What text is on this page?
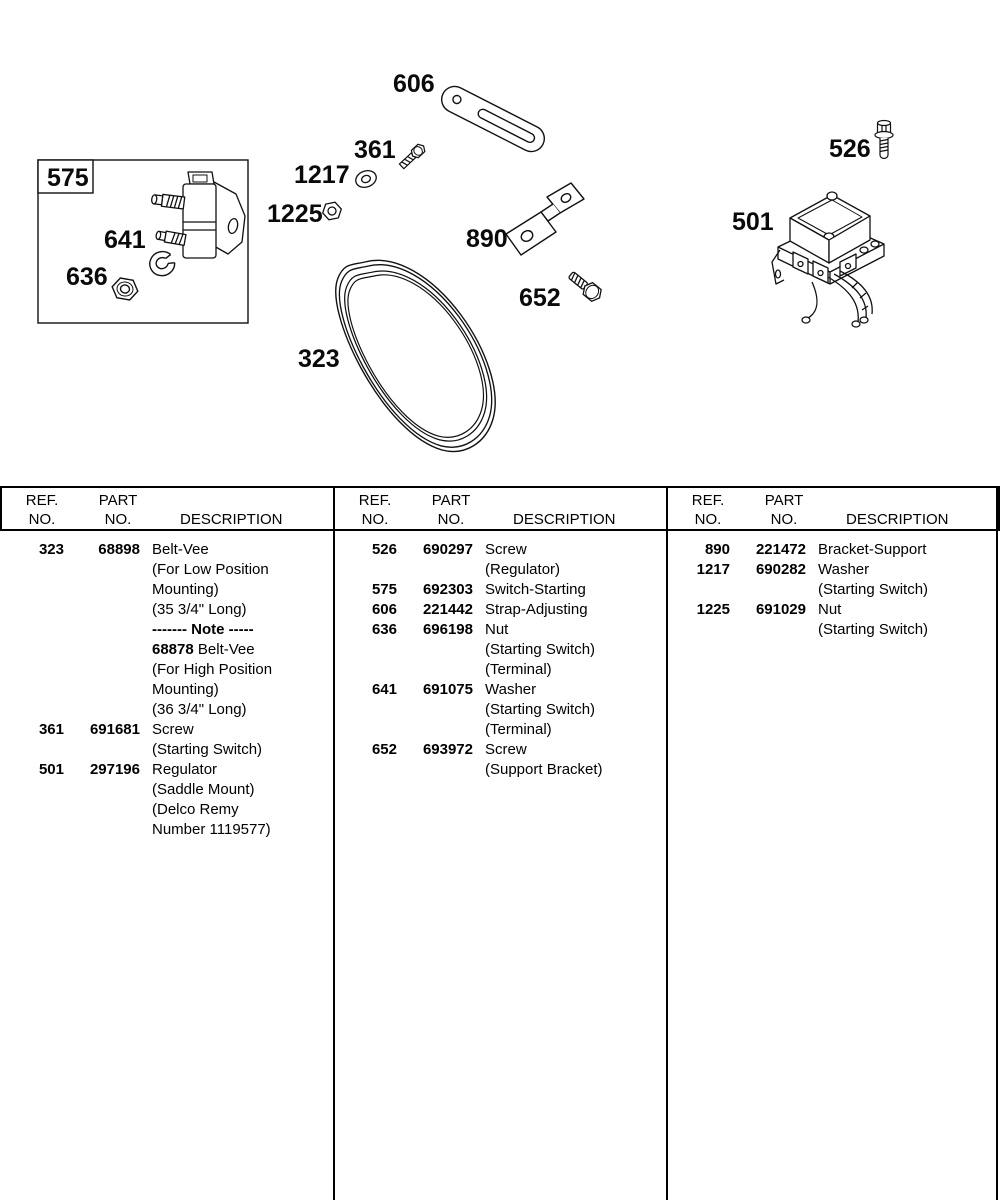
575
641
636
606
361
1217
1225
890
652
323
526
501
REF.
NO.
PART
NO.	DESCRIPTION
REF.
NO.
PART
NO.	DESCRIPTION
REF.
NO.
PART
NO.	DESCRIPTION
323	68898 Belt-Vee
(For Low Position
Mounting)
(35 3/4" Long)
------- Note -----
68878 Belt-Vee
(For High Position
Mounting)
(36 3/4" Long)
361	691681 Screw
(Starting Switch)
501	297196 Regulator
(Saddle Mount)
(Delco Remy
Number 1119577)
526	690297 Screw
(Regulator)
575	692303 Switch-Starting
606	221442 Strap-Adjusting
636	696198 Nut
(Starting Switch)
(Terminal)
641	691075 Washer
(Starting Switch)
(Terminal)
652	693972 Screw
(Support Bracket)
890	221472 Bracket-Support
1217	690282 Washer
(Starting Switch)
1225	691029 Nut
(Starting Switch)
